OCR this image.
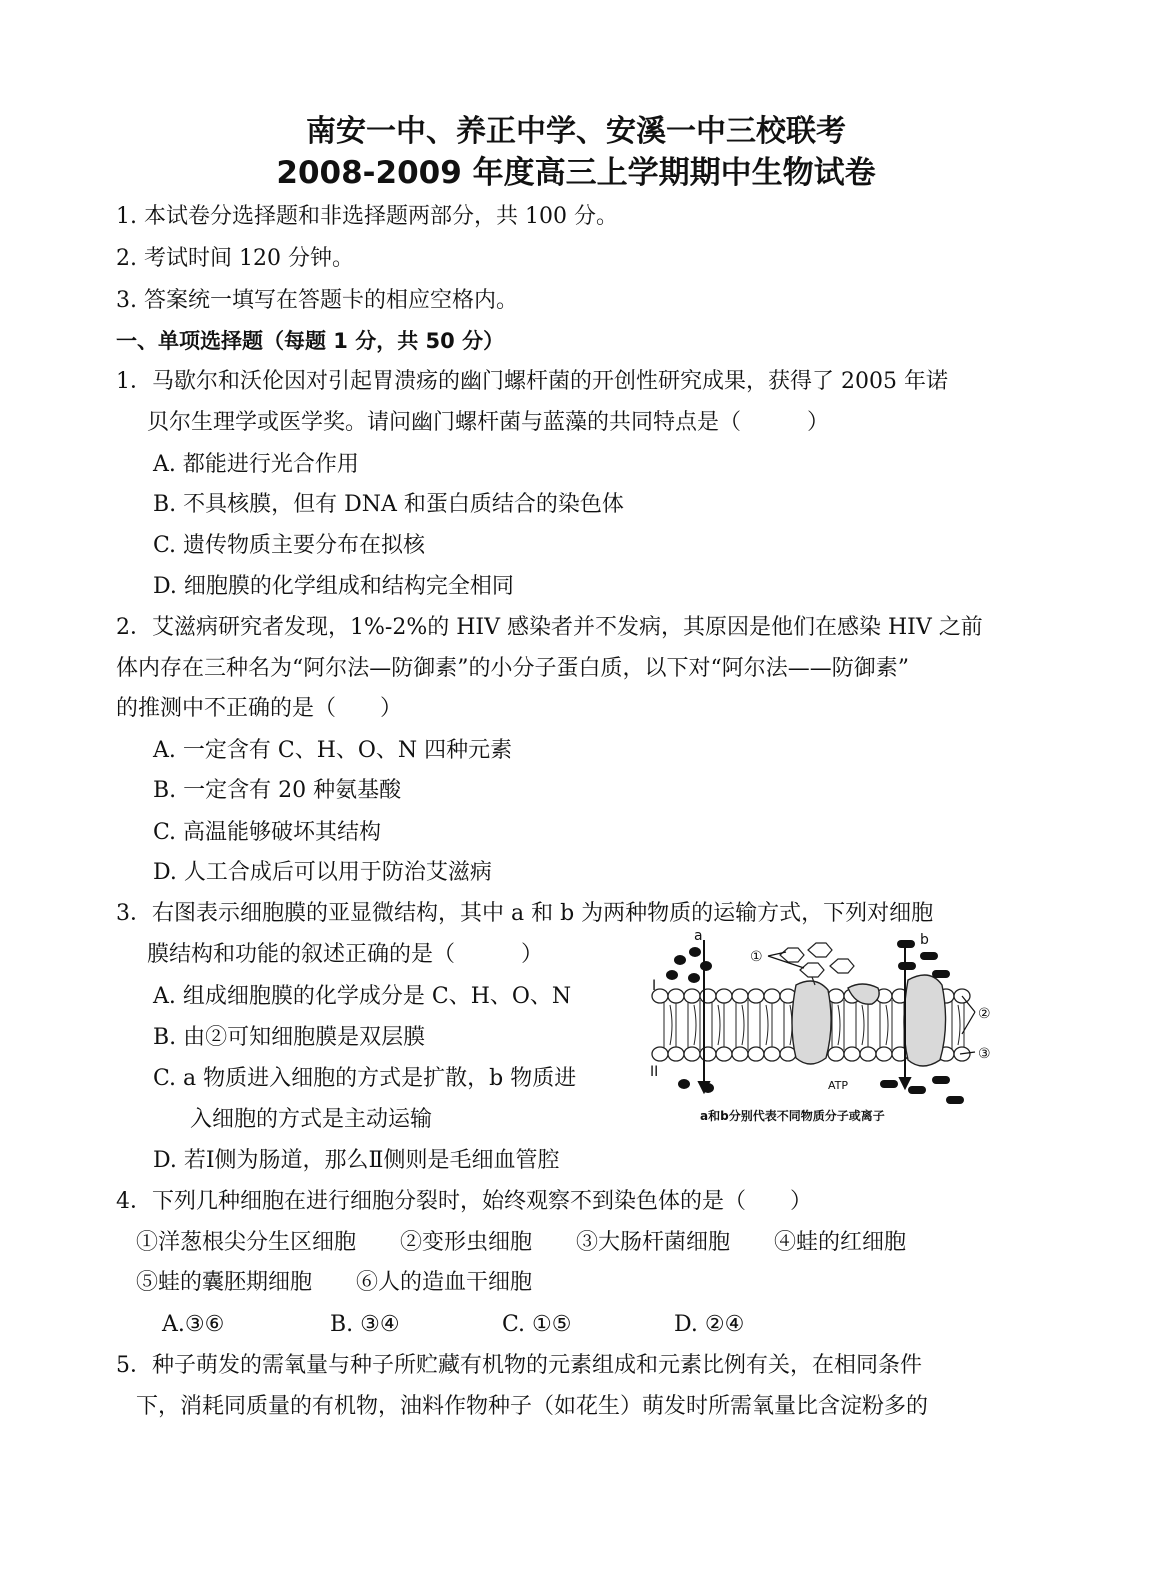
南安一中、养正中学、安溪一中三校联考
2008-2009 年度高三上学期期中生物试卷
1. 本试卷分选择题和非选择题两部分，共 100 分。
2. 考试时间 120 分钟。
3. 答案统一填写在答题卡的相应空格内。
一、单项选择题（每题 1 分，共 50 分）
1．马歇尔和沃伦因对引起胃溃疡的幽门螺杆菌的开创性研究成果，获得了 2005 年诺
贝尔生理学或医学奖。请问幽门螺杆菌与蓝藻的共同特点是（　　　）
A. 都能进行光合作用
B. 不具核膜，但有 DNA 和蛋白质结合的染色体
C. 遗传物质主要分布在拟核
D. 细胞膜的化学组成和结构完全相同
2．艾滋病研究者发现，1%-2%的 HIV 感染者并不发病，其原因是他们在感染 HIV 之前
体内存在三种名为“阿尔法—防御素”的小分子蛋白质，以下对“阿尔法——防御素”
的推测中不正确的是（　　）
A. 一定含有 C、H、O、N 四种元素
B. 一定含有 20 种氨基酸
C. 高温能够破坏其结构
D. 人工合成后可以用于防治艾滋病
3．右图表示细胞膜的亚显微结构，其中 a 和 b 为两种物质的运输方式，下列对细胞
膜结构和功能的叙述正确的是（　　　）
A. 组成细胞膜的化学成分是 C、H、O、N
B. 由②可知细胞膜是双层膜
C. a 物质进入细胞的方式是扩散，b 物质进
入细胞的方式是主动运输
D. 若Ⅰ侧为肠道，那么Ⅱ侧则是毛细血管腔
a	b
①
②
③
I
II
ATP
a和b分别代表不同物质分子或离子
4．下列几种细胞在进行细胞分裂时，始终观察不到染色体的是（　　）
①洋葱根尖分生区细胞　　②变形虫细胞　　③大肠杆菌细胞　　④蛙的红细胞
⑤蛙的囊胚期细胞　　⑥人的造血干细胞
A.③⑥	B. ③④	C. ①⑤	D. ②④
5．种子萌发的需氧量与种子所贮藏有机物的元素组成和元素比例有关，在相同条件
下，消耗同质量的有机物，油料作物种子（如花生）萌发时所需氧量比含淀粉多的
